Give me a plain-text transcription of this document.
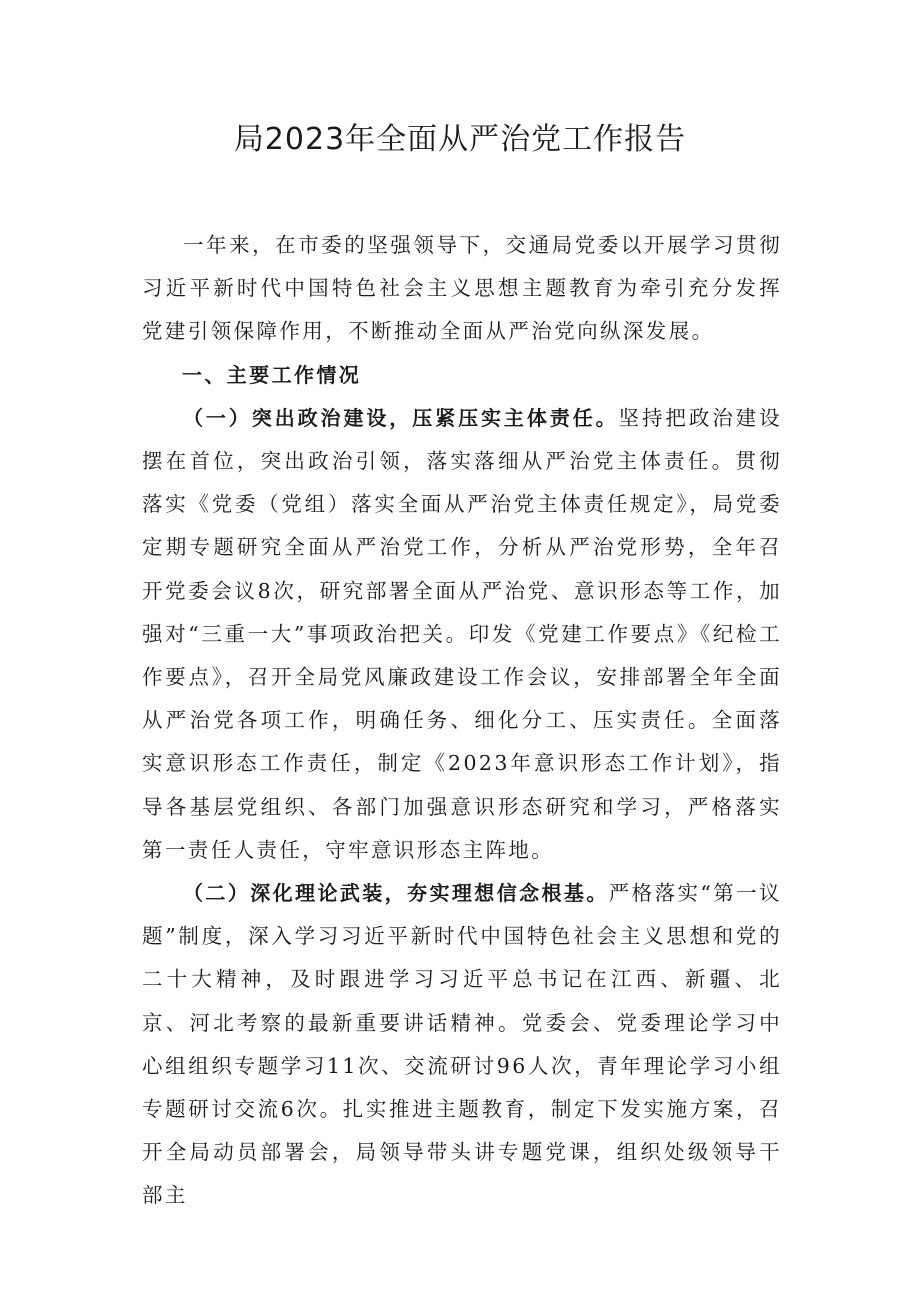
局2023年全面从严治党工作报告

一年来，在市委的坚强领导下，交通局党委以开展学习贯彻习近平新时代中国特色社会主义思想主题教育为牵引充分发挥党建引领保障作用，不断推动全面从严治党向纵深发展。

一、主要工作情况

（一）突出政治建设，压紧压实主体责任。坚持把政治建设摆在首位，突出政治引领，落实落细从严治党主体责任。贯彻落实《党委（党组）落实全面从严治党主体责任规定》，局党委定期专题研究全面从严治党工作，分析从严治党形势，全年召开党委会议8次，研究部署全面从严治党、意识形态等工作，加强对“三重一大”事项政治把关。印发《党建工作要点》《纪检工作要点》，召开全局党风廉政建设工作会议，安排部署全年全面从严治党各项工作，明确任务、细化分工、压实责任。全面落实意识形态工作责任，制定《2023年意识形态工作计划》，指导各基层党组织、各部门加强意识形态研究和学习，严格落实第一责任人责任，守牢意识形态主阵地。

（二）深化理论武装，夯实理想信念根基。严格落实“第一议题”制度，深入学习习近平新时代中国特色社会主义思想和党的二十大精神，及时跟进学习习近平总书记在江西、新疆、北京、河北考察的最新重要讲话精神。党委会、党委理论学习中心组组织专题学习11次、交流研讨96人次，青年理论学习小组专题研讨交流6次。扎实推进主题教育，制定下发实施方案，召开全局动员部署会，局领导带头讲专题党课，组织处级领导干部主
